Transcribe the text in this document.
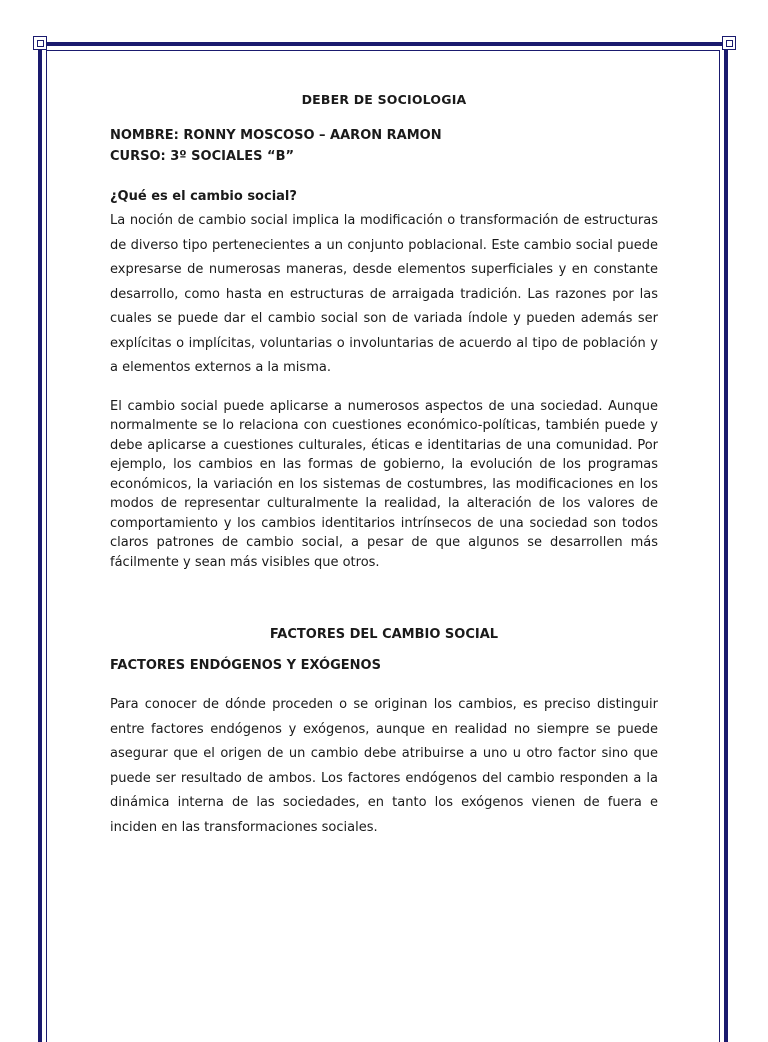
DEBER DE SOCIOLOGIA

NOMBRE: RONNY MOSCOSO – AARON RAMON

CURSO: 3º SOCIALES “B”

¿Qué es el cambio social?

La noción de cambio social implica la modificación o transformación de estructuras de diverso tipo pertenecientes a un conjunto poblacional. Este cambio social puede expresarse de numerosas maneras, desde elementos superficiales y en constante desarrollo, como hasta en estructuras de arraigada tradición. Las razones por las cuales se puede dar el cambio social son de variada índole y pueden además ser explícitas o implícitas, voluntarias o involuntarias de acuerdo al tipo de población y a elementos externos a la misma.

El cambio social puede aplicarse a numerosos aspectos de una sociedad. Aunque normalmente se lo relaciona con cuestiones económico-políticas, también puede y debe aplicarse a cuestiones culturales, éticas e identitarias de una comunidad. Por ejemplo, los cambios en las formas de gobierno, la evolución de los programas económicos, la variación en los sistemas de costumbres, las modificaciones en los modos de representar culturalmente la realidad, la alteración de los valores de comportamiento y los cambios identitarios intrínsecos de una sociedad son todos claros patrones de cambio social, a pesar de que algunos se desarrollen más fácilmente y sean más visibles que otros.

FACTORES DEL CAMBIO SOCIAL
FACTORES ENDÓGENOS Y EXÓGENOS

Para conocer de dónde proceden o se originan los cambios, es preciso distinguir entre factores endógenos y exógenos, aunque en realidad no siempre se puede asegurar que el origen de un cambio debe atribuirse a uno u otro factor sino que puede ser resultado de ambos. Los factores endógenos del cambio responden a la dinámica interna de las sociedades, en tanto los exógenos vienen de fuera e inciden en las transformaciones sociales.
